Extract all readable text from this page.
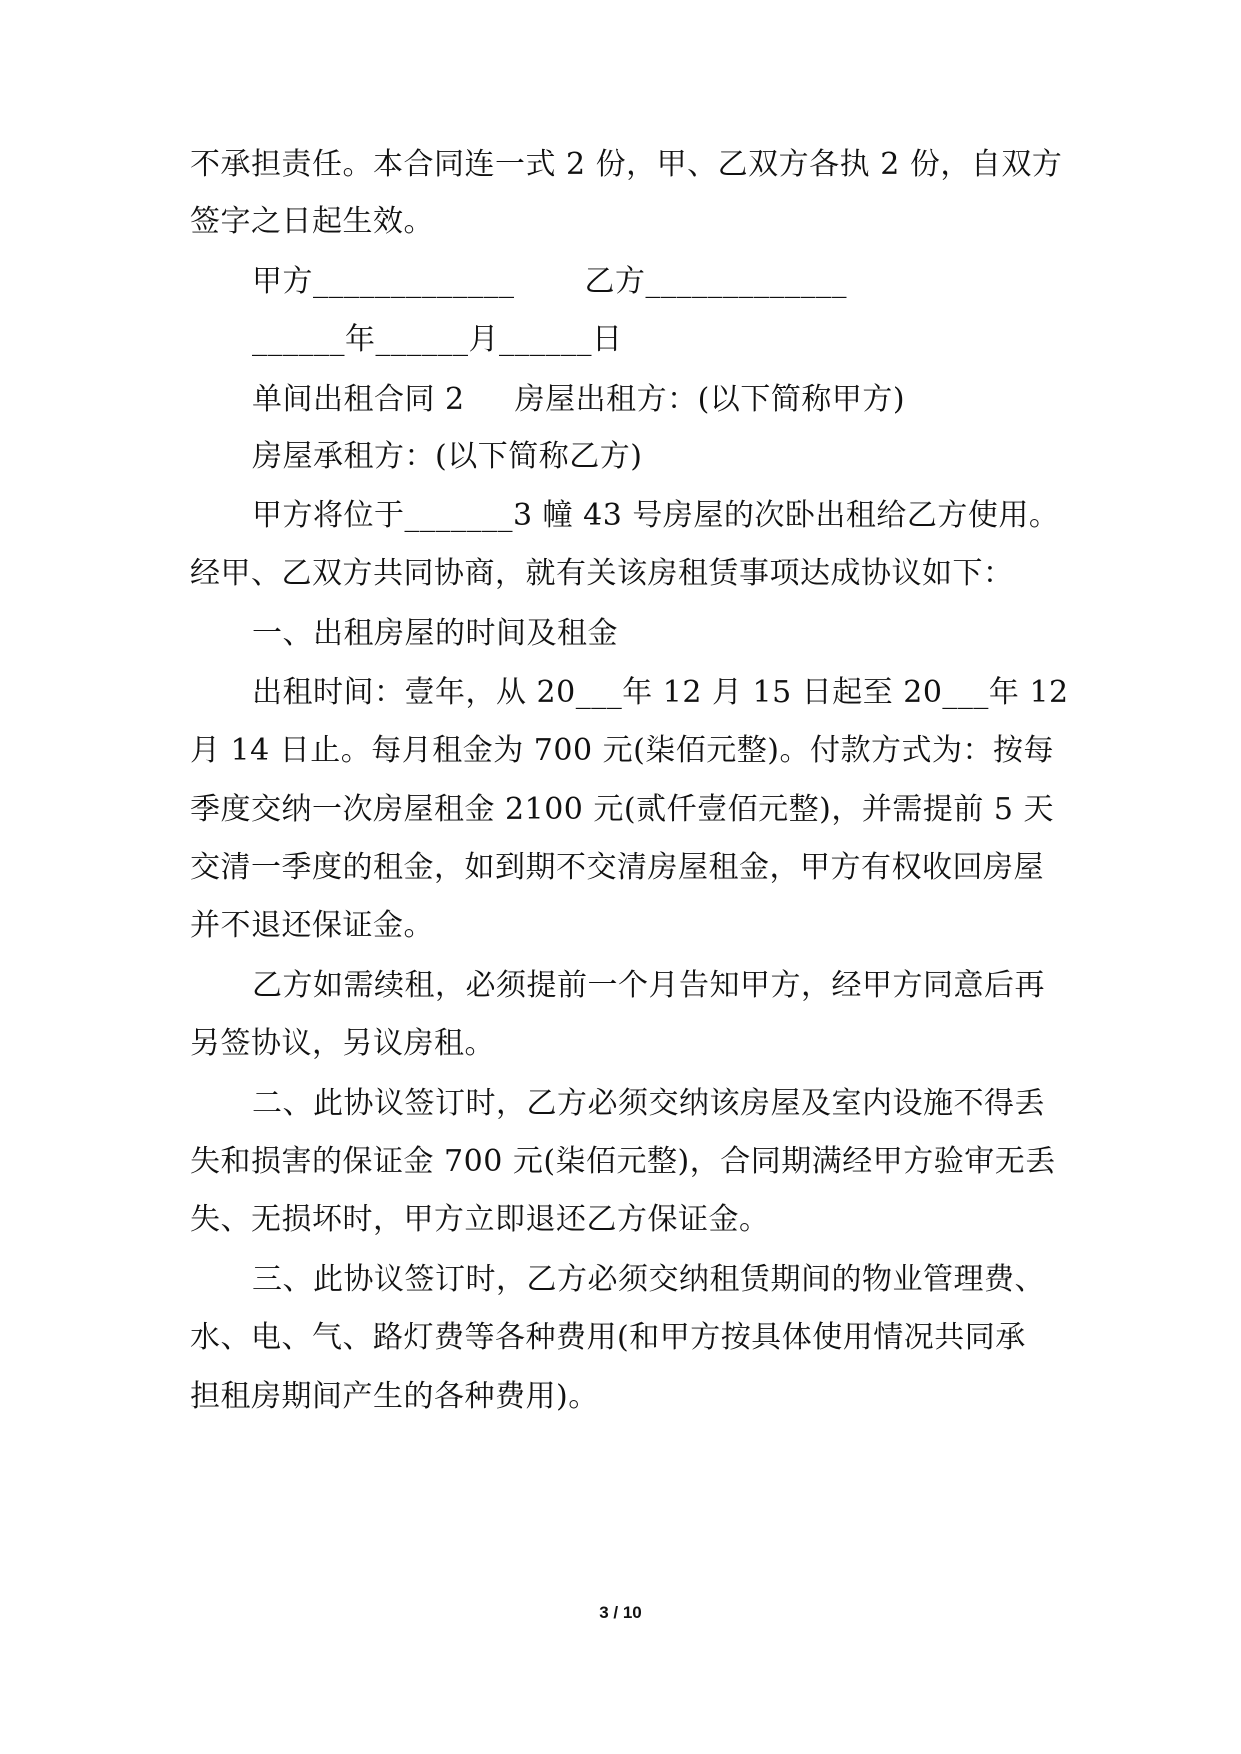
不承担责任。本合同连一式 2 份，甲、乙双方各执 2 份，自双方
签字之日起生效。
甲方_____________ 乙方_____________
______年______月______日
单间出租合同 2 房屋出租方：(以下简称甲方)
房屋承租方：(以下简称乙方)
甲方将位于_______3 幢 43 号房屋的次卧出租给乙方使用。
经甲、乙双方共同协商，就有关该房租赁事项达成协议如下：
一、出租房屋的时间及租金
出租时间：壹年，从 20___年 12 月 15 日起至 20___年 12
月 14 日止。每月租金为 700 元(柒佰元整)。付款方式为：按每
季度交纳一次房屋租金 2100 元(贰仟壹佰元整)，并需提前 5 天
交清一季度的租金，如到期不交清房屋租金，甲方有权收回房屋
并不退还保证金。
乙方如需续租，必须提前一个月告知甲方，经甲方同意后再
另签协议，另议房租。
二、此协议签订时，乙方必须交纳该房屋及室内设施不得丢
失和损害的保证金 700 元(柒佰元整)，合同期满经甲方验审无丢
失、无损坏时，甲方立即退还乙方保证金。
三、此协议签订时，乙方必须交纳租赁期间的物业管理费、
水、电、气、路灯费等各种费用(和甲方按具体使用情况共同承
担租房期间产生的各种费用)。
3 / 10
